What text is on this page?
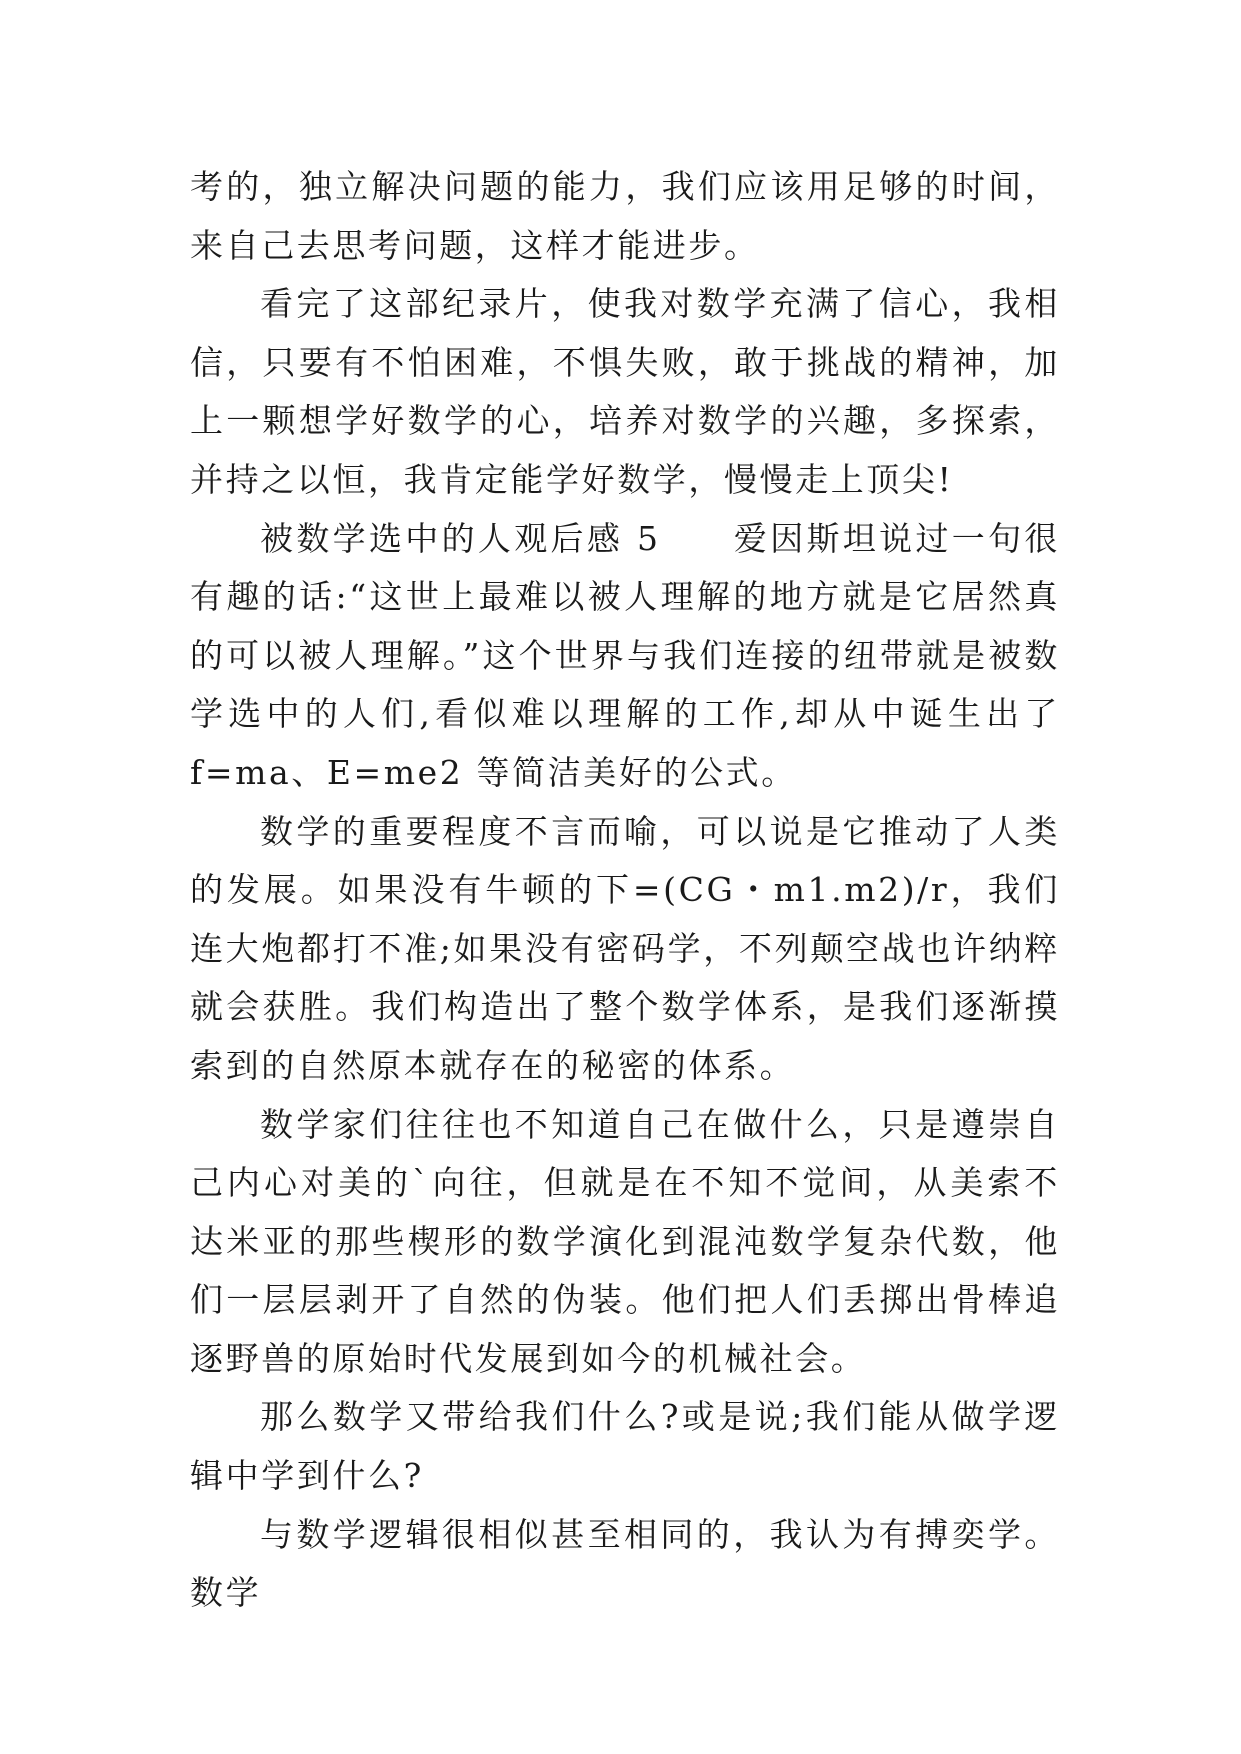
考的，独立解决问题的能力，我们应该用足够的时间，来自己去思考问题，这样才能进步。

看完了这部纪录片，使我对数学充满了信心，我相信，只要有不怕困难，不惧失败，敢于挑战的精神，加上一颗想学好数学的心，培养对数学的兴趣，多探索，并持之以恒，我肯定能学好数学，慢慢走上顶尖!

被数学选中的人观后感 5　　爱因斯坦说过一句很有趣的话:“这世上最难以被人理解的地方就是它居然真的可以被人理解。”这个世界与我们连接的纽带就是被数学选中的人们,看似难以理解的工作,却从中诞生出了 f=ma、E=me2 等简洁美好的公式。

数学的重要程度不言而喻，可以说是它推动了人类的发展。如果没有牛顿的下=(CG・m1.m2)/r，我们连大炮都打不准;如果没有密码学，不列颠空战也许纳粹就会获胜。我们构造出了整个数学体系，是我们逐渐摸索到的自然原本就存在的秘密的体系。

数学家们往往也不知道自己在做什么，只是遵崇自己内心对美的`向往，但就是在不知不觉间，从美索不达米亚的那些楔形的数学演化到混沌数学复杂代数，他们一层层剥开了自然的伪装。他们把人们丢掷出骨棒追逐野兽的原始时代发展到如今的机械社会。

那么数学又带给我们什么?或是说;我们能从做学逻辑中学到什么?

与数学逻辑很相似甚至相同的，我认为有搏奕学。数学
